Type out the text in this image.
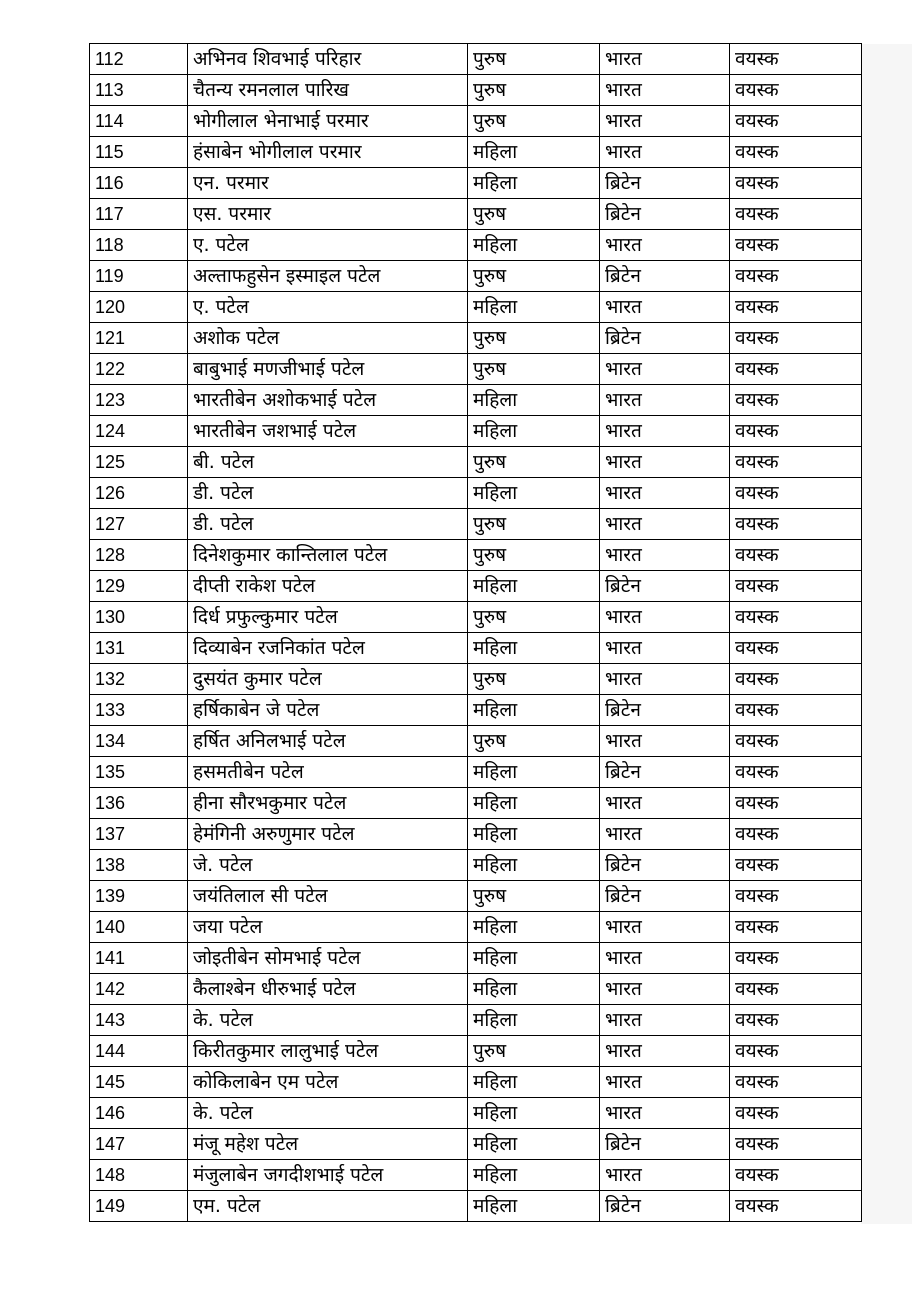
112	अभिनव शिवभाई परिहार	पुरुष	भारत	वयस्क
113	चैतन्य रमनलाल पारिख	पुरुष	भारत	वयस्क
114	भोगीलाल भेनाभाई परमार	पुरुष	भारत	वयस्क
115	हंसाबेन भोगीलाल परमार	महिला	भारत	वयस्क
116	एन. परमार	महिला	ब्रिटेन	वयस्क
117	एस. परमार	पुरुष	ब्रिटेन	वयस्क
118	ए. पटेल	महिला	भारत	वयस्क
119	अल्ताफहुसेन इस्माइल पटेल	पुरुष	ब्रिटेन	वयस्क
120	ए. पटेल	महिला	भारत	वयस्क
121	अशोक पटेल	पुरुष	ब्रिटेन	वयस्क
122	बाबुभाई मणजीभाई पटेल	पुरुष	भारत	वयस्क
123	भारतीबेन अशोकभाई पटेल	महिला	भारत	वयस्क
124	भारतीबेन जशभाई पटेल	महिला	भारत	वयस्क
125	बी. पटेल	पुरुष	भारत	वयस्क
126	डी. पटेल	महिला	भारत	वयस्क
127	डी. पटेल	पुरुष	भारत	वयस्क
128	दिनेशकुमार कान्तिलाल पटेल	पुरुष	भारत	वयस्क
129	दीप्ती राकेश पटेल	महिला	ब्रिटेन	वयस्क
130	दिर्ध प्रफुल्कुमार पटेल	पुरुष	भारत	वयस्क
131	दिव्याबेन रजनिकांत पटेल	महिला	भारत	वयस्क
132	दुसयंत कुमार पटेल	पुरुष	भारत	वयस्क
133	हर्षिकाबेन जे पटेल	महिला	ब्रिटेन	वयस्क
134	हर्षित अनिलभाई पटेल	पुरुष	भारत	वयस्क
135	हसमतीबेन पटेल	महिला	ब्रिटेन	वयस्क
136	हीना सौरभकुमार पटेल	महिला	भारत	वयस्क
137	हेमंगिनी अरुणुमार पटेल	महिला	भारत	वयस्क
138	जे. पटेल	महिला	ब्रिटेन	वयस्क
139	जयंतिलाल सी पटेल	पुरुष	ब्रिटेन	वयस्क
140	जया पटेल	महिला	भारत	वयस्क
141	जोइतीबेन सोमभाई पटेल	महिला	भारत	वयस्क
142	कैलाश्बेन धीरुभाई पटेल	महिला	भारत	वयस्क
143	के. पटेल	महिला	भारत	वयस्क
144	किरीतकुमार लालुभाई पटेल	पुरुष	भारत	वयस्क
145	कोकिलाबेन एम पटेल	महिला	भारत	वयस्क
146	के. पटेल	महिला	भारत	वयस्क
147	मंजू महेश पटेल	महिला	ब्रिटेन	वयस्क
148	मंजुलाबेन जगदीशभाई पटेल	महिला	भारत	वयस्क
149	एम. पटेल	महिला	ब्रिटेन	वयस्क
